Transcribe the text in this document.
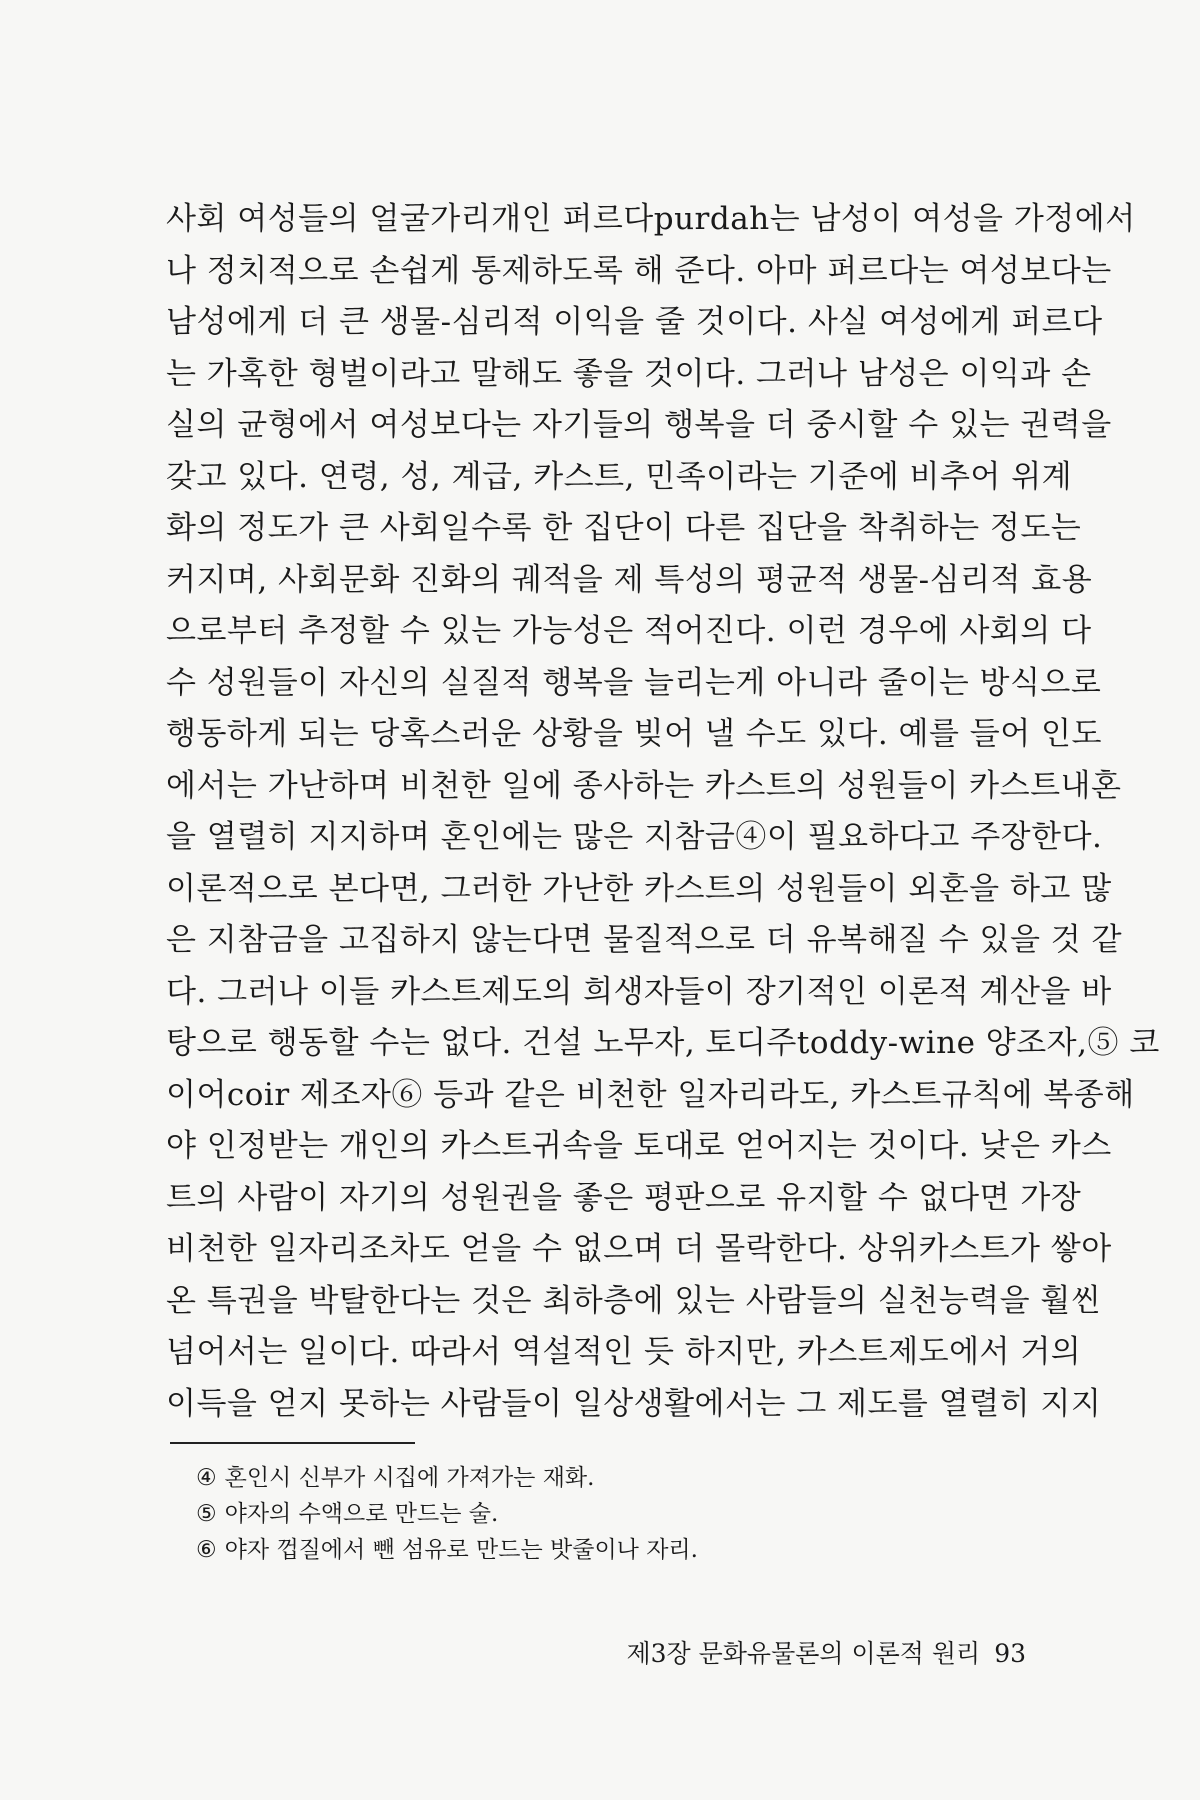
사회 여성들의 얼굴가리개인 퍼르다purdah는 남성이 여성을 가정에서
나 정치적으로 손쉽게 통제하도록 해 준다. 아마 퍼르다는 여성보다는
남성에게 더 큰 생물-심리적 이익을 줄 것이다. 사실 여성에게 퍼르다
는 가혹한 형벌이라고 말해도 좋을 것이다. 그러나 남성은 이익과 손
실의 균형에서 여성보다는 자기들의 행복을 더 중시할 수 있는 권력을
갖고 있다. 연령, 성, 계급, 카스트, 민족이라는 기준에 비추어 위계
화의 정도가 큰 사회일수록 한 집단이 다른 집단을 착취하는 정도는
커지며, 사회문화 진화의 궤적을 제 특성의 평균적 생물-심리적 효용
으로부터 추정할 수 있는 가능성은 적어진다. 이런 경우에 사회의 다
수 성원들이 자신의 실질적 행복을 늘리는게 아니라 줄이는 방식으로
행동하게 되는 당혹스러운 상황을 빚어 낼 수도 있다. 예를 들어 인도
에서는 가난하며 비천한 일에 종사하는 카스트의 성원들이 카스트내혼
을 열렬히 지지하며 혼인에는 많은 지참금④이 필요하다고 주장한다.
이론적으로 본다면, 그러한 가난한 카스트의 성원들이 외혼을 하고 많
은 지참금을 고집하지 않는다면 물질적으로 더 유복해질 수 있을 것 같
다. 그러나 이들 카스트제도의 희생자들이 장기적인 이론적 계산을 바
탕으로 행동할 수는 없다. 건설 노무자, 토디주toddy-wine 양조자,⑤ 코
이어coir 제조자⑥ 등과 같은 비천한 일자리라도, 카스트규칙에 복종해
야 인정받는 개인의 카스트귀속을 토대로 얻어지는 것이다. 낮은 카스
트의 사람이 자기의 성원권을 좋은 평판으로 유지할 수 없다면 가장
비천한 일자리조차도 얻을 수 없으며 더 몰락한다. 상위카스트가 쌓아
온 특권을 박탈한다는 것은 최하층에 있는 사람들의 실천능력을 훨씬
넘어서는 일이다. 따라서 역설적인 듯 하지만, 카스트제도에서 거의
이득을 얻지 못하는 사람들이 일상생활에서는 그 제도를 열렬히 지지
④ 혼인시 신부가 시집에 가져가는 재화.
⑤ 야자의 수액으로 만드는 술.
⑥ 야자 껍질에서 뺀 섬유로 만드는 밧줄이나 자리.
제3장 문화유물론의 이론적 원리 93
